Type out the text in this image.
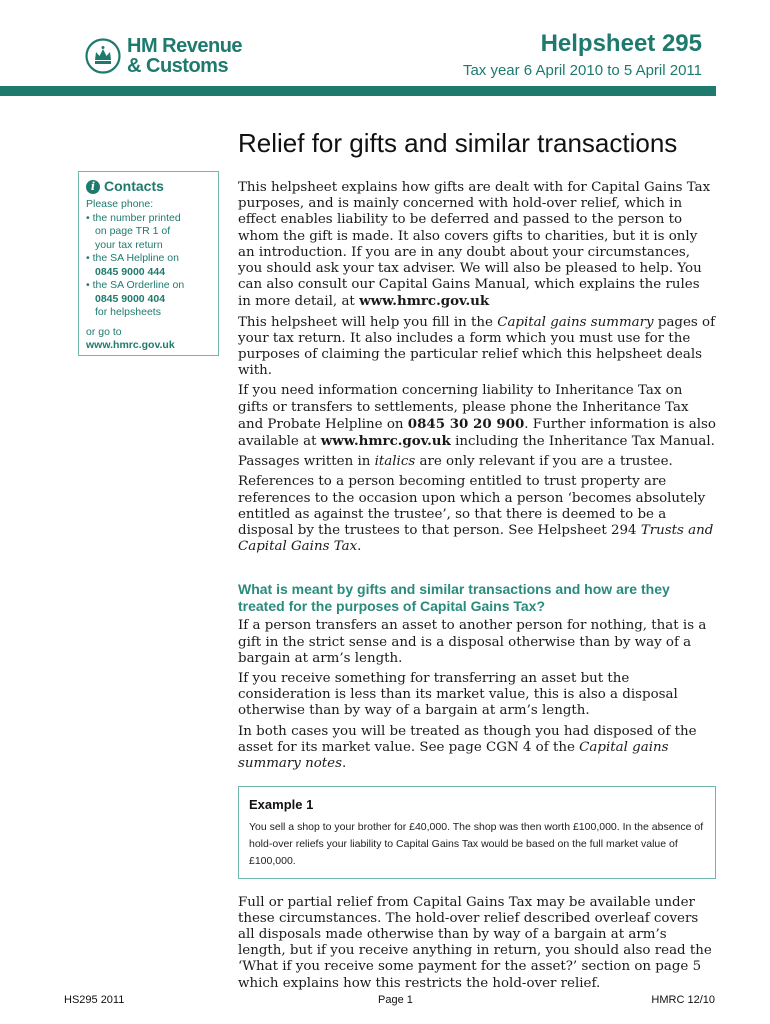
HM Revenue
& Customs
Helpsheet 295
Tax year 6 April 2010 to 5 April 2011
Relief for gifts and similar transactions
i Contacts
Please phone:
• the number printed
on page TR 1 of
your tax return
• the SA Helpline on
0845 9000 444
• the SA Orderline on
0845 9000 404
for helpsheets
or go to
www.hmrc.gov.uk

This helpsheet explains how gifts are dealt with for Capital Gains Tax purposes, and is mainly concerned with hold-over relief, which in effect enables liability to be deferred and passed to the person to whom the gift is made. It also covers gifts to charities, but it is only an introduction. If you are in any doubt about your circumstances, you should ask your tax adviser. We will also be pleased to help. You can also consult our Capital Gains Manual, which explains the rules in more detail, at www.hmrc.gov.uk

This helpsheet will help you fill in the Capital gains summary pages of your tax return. It also includes a form which you must use for the purposes of claiming the particular relief which this helpsheet deals with.

If you need information concerning liability to Inheritance Tax on gifts or transfers to settlements, please phone the Inheritance Tax and Probate Helpline on 0845 30 20 900. Further information is also available at www.hmrc.gov.uk including the Inheritance Tax Manual.

Passages written in italics are only relevant if you are a trustee.

References to a person becoming entitled to trust property are references to the occasion upon which a person ‘becomes absolutely entitled as against the trustee’, so that there is deemed to be a disposal by the trustees to that person. See Helpsheet 294 Trusts and Capital Gains Tax.

What is meant by gifts and similar transactions and how are they treated for the purposes of Capital Gains Tax?

If a person transfers an asset to another person for nothing, that is a gift in the strict sense and is a disposal otherwise than by way of a bargain at arm’s length.

If you receive something for transferring an asset but the consideration is less than its market value, this is also a disposal otherwise than by way of a bargain at arm’s length.

In both cases you will be treated as though you had disposed of the asset for its market value. See page CGN 4 of the Capital gains summary notes.

Example 1
You sell a shop to your brother for £40,000. The shop was then worth £100,000. In the absence of hold-over reliefs your liability to Capital Gains Tax would be based on the full market value of £100,000.

Full or partial relief from Capital Gains Tax may be available under these circumstances. The hold-over relief described overleaf covers all disposals made otherwise than by way of a bargain at arm’s length, but if you receive anything in return, you should also read the ‘What if you receive some payment for the asset?’ section on page 5 which explains how this restricts the hold-over relief.

HS295 2011	Page 1	HMRC 12/10
